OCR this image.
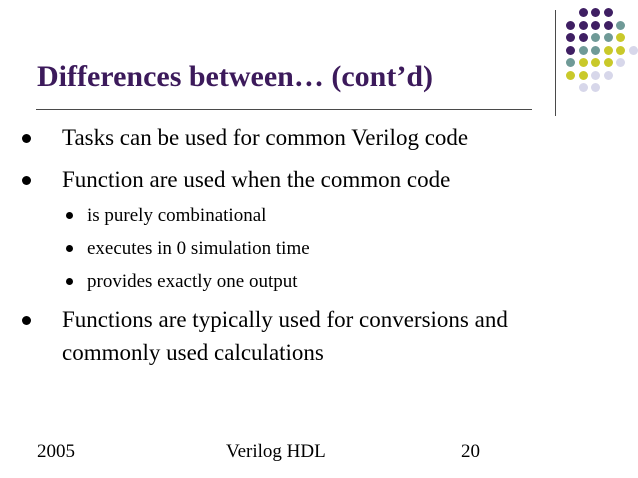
Differences between… (cont’d)
Tasks can be used for common Verilog code
Function are used when the common code
is purely combinational
executes in 0 simulation time
provides exactly one output
Functions are typically used for conversions and
commonly used calculations
2005	Verilog HDL	20
